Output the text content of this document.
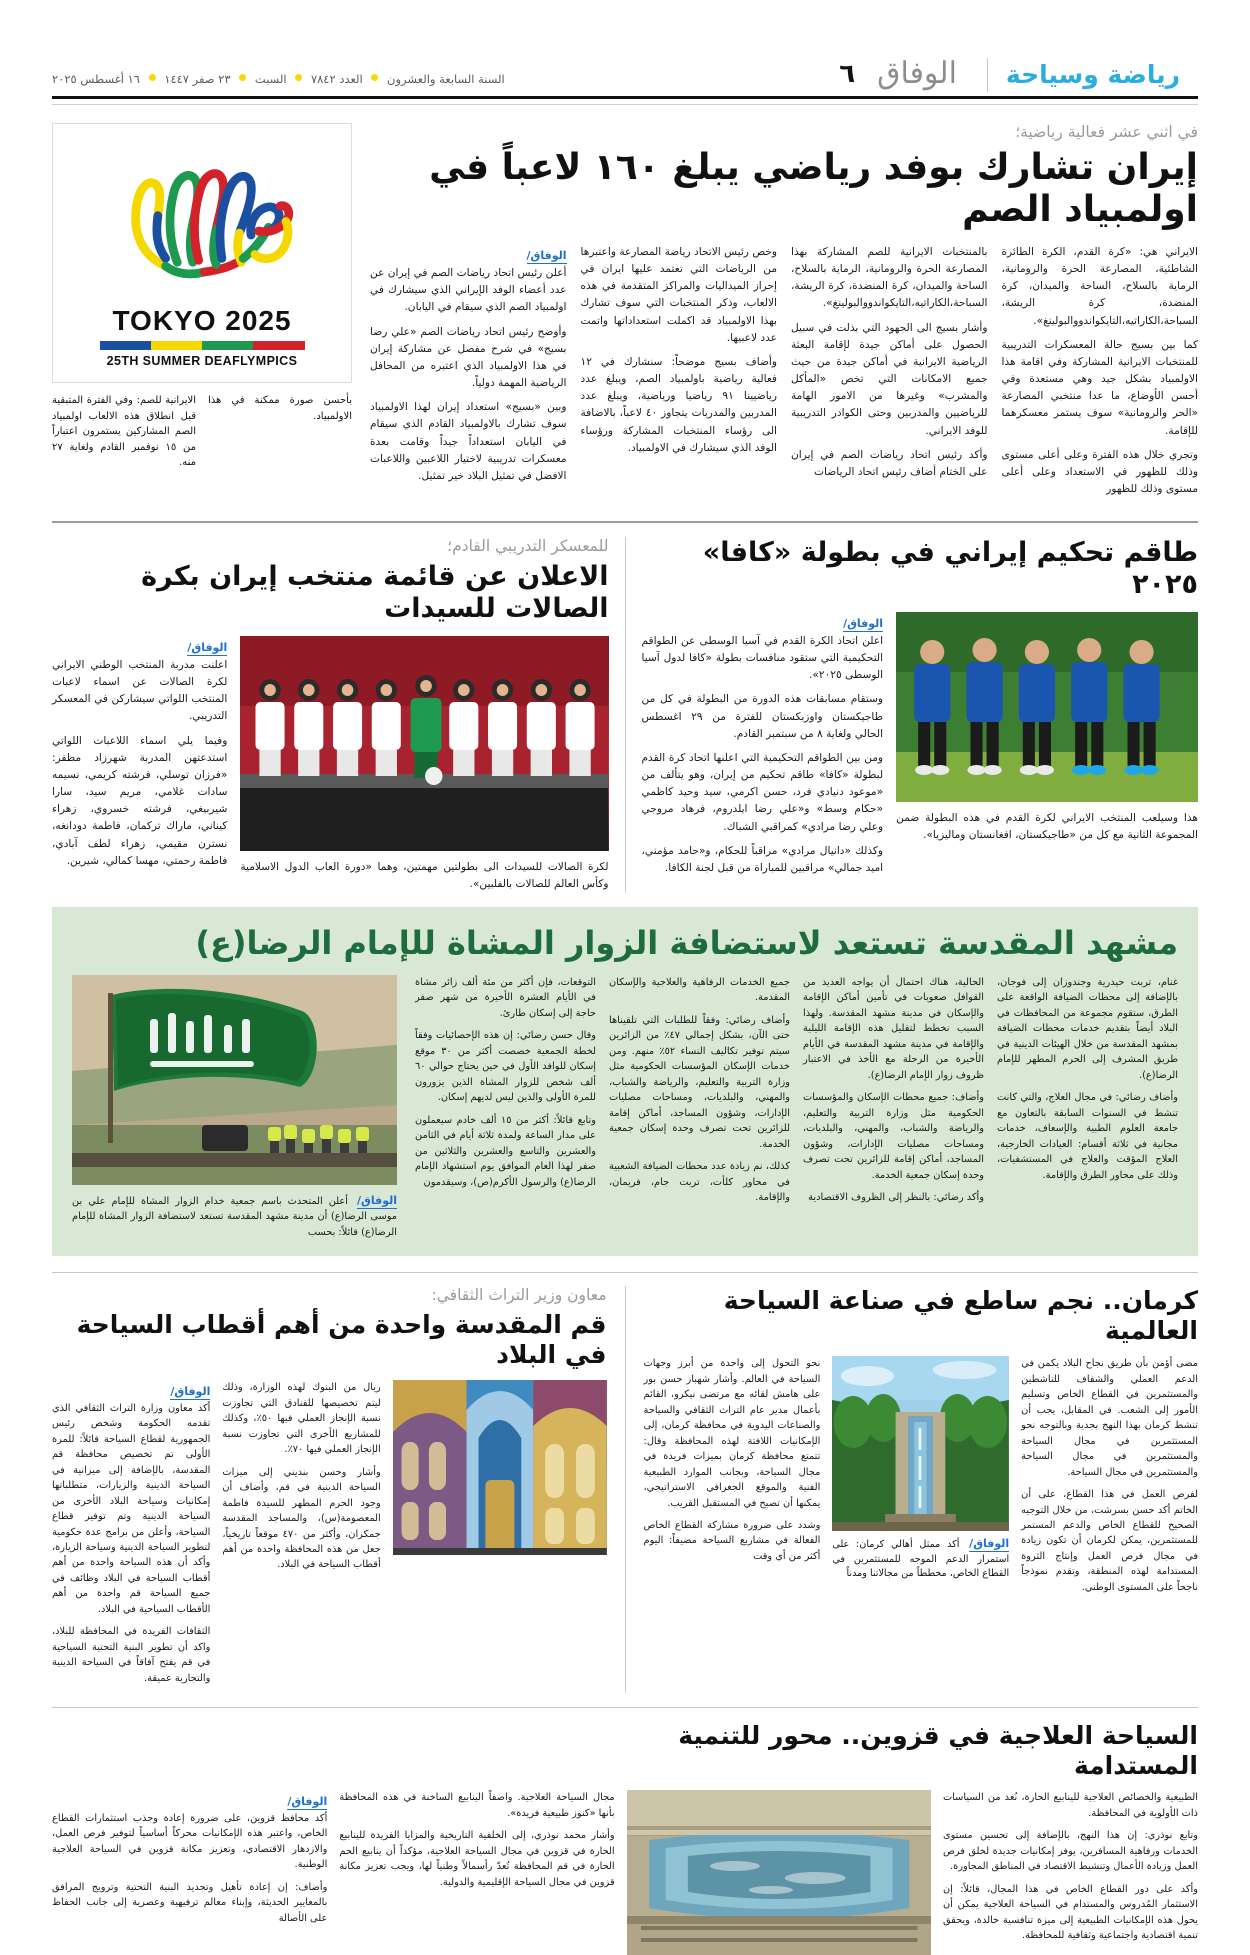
رياضة وسياحة
الوفاق
٦
السنة السابعة والعشرون  العدد ٧٨٤٢  السبت  ٢٣ صفر ١٤٤٧  ١٦ أغسطس ٢٠٢٥
في اثني عشر فعالية رياضية؛
إيران تشارك بوفد رياضي يبلغ ١٦٠ لاعباً في اولمبياد الصم

الايراني هي: «كرة القدم، الكرة الطائرة الشاطئية، المصارعة الحرة والرومانية، الرماية بالسلاح، الساحة والميدان، كرة المنضدة، كرة الريشة، السباحة،الكاراتيه،التايكواندووالبولينغ».

كما بين بسيج حالة المعسكرات التدريبية للمنتخبات الايرانية المشاركة وفي اقامة هذا الاولمبياد بشكل جيد وهي مستعدة وفي أحسن الأوضاع، ما عدا منتخبي المصارعة «الحر والرومانية» سوف يستمر معسكرهما للإقامة.

وتجري خلال هذه الفترة وعلى أعلى مستوى وذلك للظهور في الاستعداد وعلى أعلى مستوى وذلك للظهور

بالمنتخبات الايرانية للصم المشاركة بهذا المصارعة الحرة والرومانية، الرماية بالسلاح، الساحة والميدان، كرة المنضدة، كرة الريشة، السباحة،الكاراتيه،التايكواندووالبولينغ».

وأشار بسيج الى الجهود التي بذلت في سبيل الحصول على أماكن جيدة لإقامة البعثة الرياضية الايرانية في أماكن جيدة من حيث جميع الامكانات التي تخص «المأكل والمشرب» وغيرها من الامور الهامة للرياضيين والمدربين وحتى الكوادر التدريبية للوفد الايراني.

وأكد رئيس اتحاد رياضات الصم في إيران على الختام أضاف رئيس اتحاد الرياضات

وخص رئيس الاتحاد رياضة المصارعة واعتبرها من الرياضات التي تعتمد عليها ايران في إحراز الميداليات والمراكز المتقدمة في هذه الالعاب، وذكر المنتخبات التي سوف تشارك بهذا الاولمبياد قد اكملت استعداداتها واتمت عدد لاعبيها.

وأضاف بسيج موضحاً: سنشارك في ١٢ فعالية رياضية باولمبياد الصم، ويبلغ عدد رياضيينا ٩١ رياضيا ورياضية، ويبلغ عدد المدربين والمدربات يتجاوز ٤٠ لاعباً، بالاضافة الى رؤساء المنتخبات المشاركة ورؤساء الوفد الذي سيشارك في الاولمبياد.

الوفاق/

أعلن رئيس اتحاد رياضات الصم في إيران عن عدد أعضاء الوفد الإيراني الذي سيشارك في اولمبياد الصم الذي سيقام في اليابان.

وأوضح رئيس اتحاد رياضات الصم «علي رضا بسيج» في شرح مفصل عن مشاركة إيران في هذا الاولمبياد الذي اعتبره من المحافل الرياضية المهمة دولياً.

وبين «بسيج» استعداد إيران لهذا الاولمبياد سوف تشارك بالاولمبياد القادم الذي سيقام في اليابان استعداداً جيداً وقامت بعدة معسكرات تدريبية لاختيار اللاعبين واللاعبات الافضل في تمثيل البلاد خير تمثيل.

TOKYO 2025
25TH SUMMER DEAFLYMPICS
بأحسن صورة ممكنة في هذا الاولمبياد.
الايرانية للصم: وفي الفترة المتبقية قبل انطلاق هذه الالعاب اولمبياد الصم المشاركين يستمرون اعتباراً من ١٥ نوفمبر القادم ولغاية ٢٧ منه.
طاقم تحكيم إيراني في بطولة «كافا» ٢٠٢٥
هذا وسيلعب المنتخب الايراني لكرة القدم في هذه البطولة ضمن المجموعة الثانية مع كل من «طاجيكستان، افغانستان وماليزيا».
الوفاق/

اعلن اتحاد الكرة القدم في آسيا الوسطى عن الطواقم التحكيمية التي ستقود منافسات بطولة «كافا لدول آسيا الوسطى ٢٠٢٥».

وستقام مسابقات هذه الدورة من البطولة في كل من طاجيكستان واوزبكستان للفترة من ٢٩ اغسطس الحالي ولغاية ٨ من سبتمبر القادم.

ومن بين الطواقم التحكيمية التي اعلنها اتحاد كرة القدم لبطولة «كافا» طاقم تحكيم من إيران، وهو يتألف من «موعود دنيادي فرد، حسن اكرمي، سيد وحيد كاظمي «حكام وسط» و«علي رضا ايلدروم، فرهاد مروجي وعلي رضا مرادي» كمراقبي الشباك.

وكذلك «دانيال مرادي» مراقباً للحكام، و«حامد مؤمني، اميد جمالي» مراقبين للمباراة من قبل لجنة الكافا.

للمعسكر التدريبي القادم؛
الاعلان عن قائمة منتخب إيران بكرة الصالات للسيدات
لكرة الصالات للسيدات الى بطولتين مهمتين، وهما «دورة العاب الدول الاسلامية وكأس العالم للصالات بالفلبين».
الوفاق/

اعلنت مدربة المنتخب الوطني الايراني لكرة الصالات عن اسماء لاعبات المنتخب اللواتي سيشاركن في المعسكر التدريبي.

وفيما يلي اسماء اللاعبات اللواتي استدعتهن المدربة شهرزاد مظفر: «فرزان توسلي، فرشته كريمي، نسيمه سادات غلامي، مريم سيد، سارا شيربيغي، فرشته خسروي، زهراء كيناني، ماراك تركمان، فاطمة دودانغه، نسترن مقيمي، زهراء لطف آبادي، فاطمة رحمتي، مهسا كمالي، شيرين.

مشهد المقدسة تستعد لاستضافة الزوار المشاة للإمام الرضا(ع)

غنام، تربت حيدرية وجندوزان إلى فوجان، بالإضافة إلى محطات الضيافة الواقعة على الطرق، ستقوم مجموعة من المحافظات في البلاد أيضاً بتقديم خدمات محطات الضيافة بمشهد المقدسة من خلال الهيئات الدينية في طريق المشرف إلى الحرم المطهر للإمام الرضا(ع).

وأضاف رضائي: في مجال العلاج، والتي كانت تنشط في السنوات السابقة بالتعاون مع جامعة العلوم الطبية والإسعاف، خدمات مجانية في ثلاثة أقسام: العيادات الخارجية، العلاج المؤقت والعلاج في المستشفيات، وذلك على محاور الطرق والإقامة.

الحالية، هناك احتمال أن يواجه العديد من القوافل صعوبات في تأمين أماكن الإقامة والإسكان في مدينة مشهد المقدسة. ولهذا السبب نخطط لتقليل هذه الإقامة الليلية والإقامة في مدينة مشهد المقدسة في الأيام الأخيرة من الرحلة مع الأخذ في الاعتبار ظروف زوار الإمام الرضا(ع).

وأضاف: جميع محطات الإسكان والمؤسسات الحكومية مثل وزارة التربية والتعليم، والرياضة والشباب، والمهني، والبلديات، ومساحات مصليات الإدارات، وشؤون المساجد، أماكن إقامة للزائرين تحت تصرف وحدة إسكان جمعية الخدمة.

وأكد رضائي: بالنظر إلى الظروف الاقتصادية

جميع الخدمات الرفاهية والعلاجية والإسكان المقدمة.

وأضاف رضائي: وفقاً للطلبات التي تلقيناها حتى الآن، بشكل إجمالي ٤٧٪ من الزائرين سيتم توفير تكاليف النساء ٥٢٪ منهم. ومن خدمات الإسكان المؤسسات الحكومية مثل وزارة التربية والتعليم، والرياضة والشباب، والمهني، والبلديات، ومساحات مصليات الإدارات، وشؤون المساجد، أماكن إقامة للزائرين تحت تصرف وحدة إسكان جمعية الخدمة.

كذلك، نم زيادة عدد محطات الضيافة الشعبية في محاور كلأت، تربت جام، فريمان، والإقامة.

التوقعات، فإن أكثر من مئة ألف زائر مشاة في الأيام العشرة الأخيرة من شهر صفر حاجة إلى إسكان طارئ.

وقال حسن رضائي: إن هذه الإحصائيات وفقاً لخطة الجمعية خصصت أكثر من ٣٠ موقع إسكان للوافد الأول في حين يحتاج حوالي ٦٠ ألف شخص للزوار المشاة الذين يزورون للمرة الأولى والذين ليس لديهم إسكان.

وتابع قائلاً: أكثر من ١٥ ألف خادم سيعملون على مدار الساعة ولمدة ثلاثة أيام في الثامن والعشرين والتاسع والعشرين والثلاثين من صفر لهذا العام الموافق يوم استشهاد الإمام الرضا(ع) والرسول الأكرم(ص)، وسيقدمون

الوفاق/ أعلن المتحدث باسم جمعية خدام الزوار المشاة للإمام علي بن موسى الرضا(ع) أن مدينة مشهد المقدسة تستعد لاستضافة الزوار المشاة للإمام الرضا(ع) قائلاً: بحسب
كرمان.. نجم ساطع في صناعة السياحة العالمية

مضى أؤمن بأن طريق نجاح البلاد يكمن في الدعم العملي والشفاف للناشطين والمستثمرين في القطاع الخاص وتسليم الأمور إلى الشعب. في المقابل، يجب أن تنشط كرمان بهذا النهج بجدية وبالتوجه نحو المستثمرين في مجال السياحة والمستثمرين في مجال السياحة والمستثمرين في مجال السياحة.

لفرص العمل في هذا القطاع، على أن الخاتم أكد حسن بسرشت، من خلال التوجيه الصحيح للقطاع الخاص والدعم المستمر للمستثمرين، يمكن لكرمان أن تكون زيادة في مجال فرص العمل وإنتاج الثروة المستدامة لهذه المنطقة، وتقدم نموذجاً ناجحاً على المستوى الوطني.

الوفاق/ أكد ممثل أهالي كرمان: على استمرار الدعم الموجه للمستثمرين في القطاع الخاص، مخططاً من مجالاتنا ومدناً

نحو التحول إلى واحدة من أبرز وجهات السياحة في العالم. وأشار شهباز حسن بور على هامش لقائه مع مرتضى نيكرو، القائم بأعمال مدير عام التراث الثقافي والسياحة والصناعات اليدوية في محافظة كرمان، إلى الإمكانيات اللافتة لهذه المحافظة وقال: تتمتع محافظة كرمان بميزات فريدة في مجال السياحة، وبجانب الموارد الطبيعية الفنية والموقع الجغرافي الاستراتيجي، يمكنها أن تصبح في المستقبل القريب.

وشدد على ضرورة مشاركة القطاع الخاص الفعالة في مشاريع السياحة مضيفاً: اليوم أكثر من أي وقت

معاون وزير التراث الثقافي:
قم المقدسة واحدة من أهم أقطاب السياحة في البلاد

ريال من البنوك لهذه الوزارة، وذلك ليتم تخصيصها للفنادق التي تجاوزت نسبة الإنجاز العملي فيها ٥٠٪، وكذلك للمشاريع الأخرى التي تجاوزت نسبة الإنجاز العملي فيها ٧٠٪.

وأشار وحسن بنديني إلى ميزات السياحة الدينية في قم، وأضاف أن وجود الحرم المطهر للسيدة فاطمة المعصومة(س)، والمساجد المقدسة جمكران، وأكثر من ٤٧٠ موقعاً تاريخياً، جعل من هذه المحافظة واحدة من أهم أقطاب السياحة في البلاد.

الوفاق/

أكد معاون وزارة التراث الثقافي الذي تقدمه الحكومة وشخص رئيس الجمهورية لقطاع السياحة قائلاً: للمرة الأولى تم تخصيص محافظة قم المقدسة، بالإضافة إلى ميزانية في السياحة الدينية والزيارات، متطلباتها إمكانيات وسياحة البلاد الأخرى من السياحة الدينية وتم توفير قطاع السياحة، وأعلن من برامج عدة حكومية لتطوير السياحة الدينية وسياحة الزيارة، وأكد أن هذه السياحة واحدة من أهم أقطاب السياحة في البلاد وظائف في جميع السياحة قم واحدة من أهم الأقطاب السياحية في البلاد.

الثقافات الفريدة في المحافظة للبلاد، واكد أن تطوير البنية التحتية السياحية في قم يفتح آفاقاً في السياحة الدينية والتجارية عميقة.

السياحة العلاجية في قزوين.. محور للتنمية المستدامة

الطبيعية والخصائص العلاجية للينابيع الحارة، نُعد من السياسات ذات الأولوية في المحافظة.

وتابع نوذري: إن هذا النهج، بالإضافة إلى تحسين مستوى الخدمات ورفاهية المسافرين، يوفر إمكانيات جديدة لخلق فرص العمل وزيادة الأعمال وتنشيط الاقتصاد في المناطق المجاورة.

وأكد على دور القطاع الخاص في هذا المجال، قائلاً: إن الاستثمار المُدروس والمستدام في السياحة العلاجية يمكن أن يحول هذه الإمكانيات الطبيعية إلى ميزة تنافسية خالدة، ويحقق تنمية اقتصادية واجتماعية وثقافية للمحافظة.

مجال السياحة العلاجية. واصفاً الينابيع الساخنة في هذه المحافظة بأنها «كنوز طبيعية فريدة».

وأشار محمد نوذري، إلى الخلفية التاريخية والمزايا الفريدة للينابيع الحارة في قزوين في مجال السياحة العلاجية، مؤكداً أن ينابيع الحم الحارة في قم المحافظة تُعدّ رأسمالاً وطنياً لها، ويجب تعزيز مكانة قزوين في مجال السياحة الإقليمية والدولية.

الوفاق/

أكد محافظ قزوين، على ضرورة إعادة وجذب استثمارات القطاع الخاص، واعتبر هذه الإمكانيات محركاً أساسياً لتوفير فرص العمل، والازدهار الاقتصادي، وتعزيز مكانة قزوين في السياحة العلاجية الوطنية.

وأضاف: إن إعادة تأهيل وتجديد البنية التحتية وترويج المرافق بالمعايير الحديثة، وإبناء معالم ترفيهية وعصرية إلى جانب الحفاظ على الأصالة
